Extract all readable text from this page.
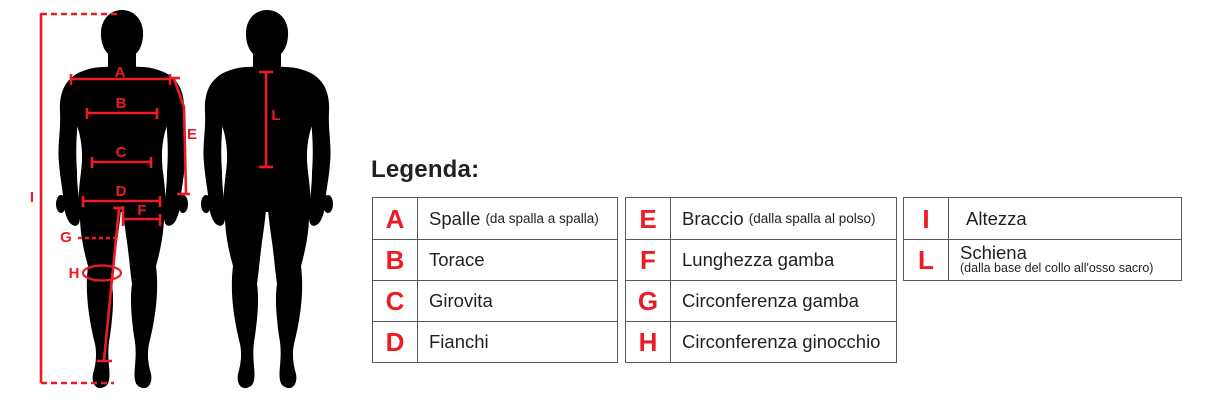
A
B
C
D
E
F
G
H
I
L
Legenda:
A	Spalle (da spalla a spalla)
B	Torace
C	Girovita
D	Fianchi
E	Braccio (dalla spalla al polso)
F	Lunghezza gamba
G	Circonferenza gamba
H	Circonferenza ginocchio
I	Altezza
L	Schiena
(dalla base del collo all'osso sacro)
